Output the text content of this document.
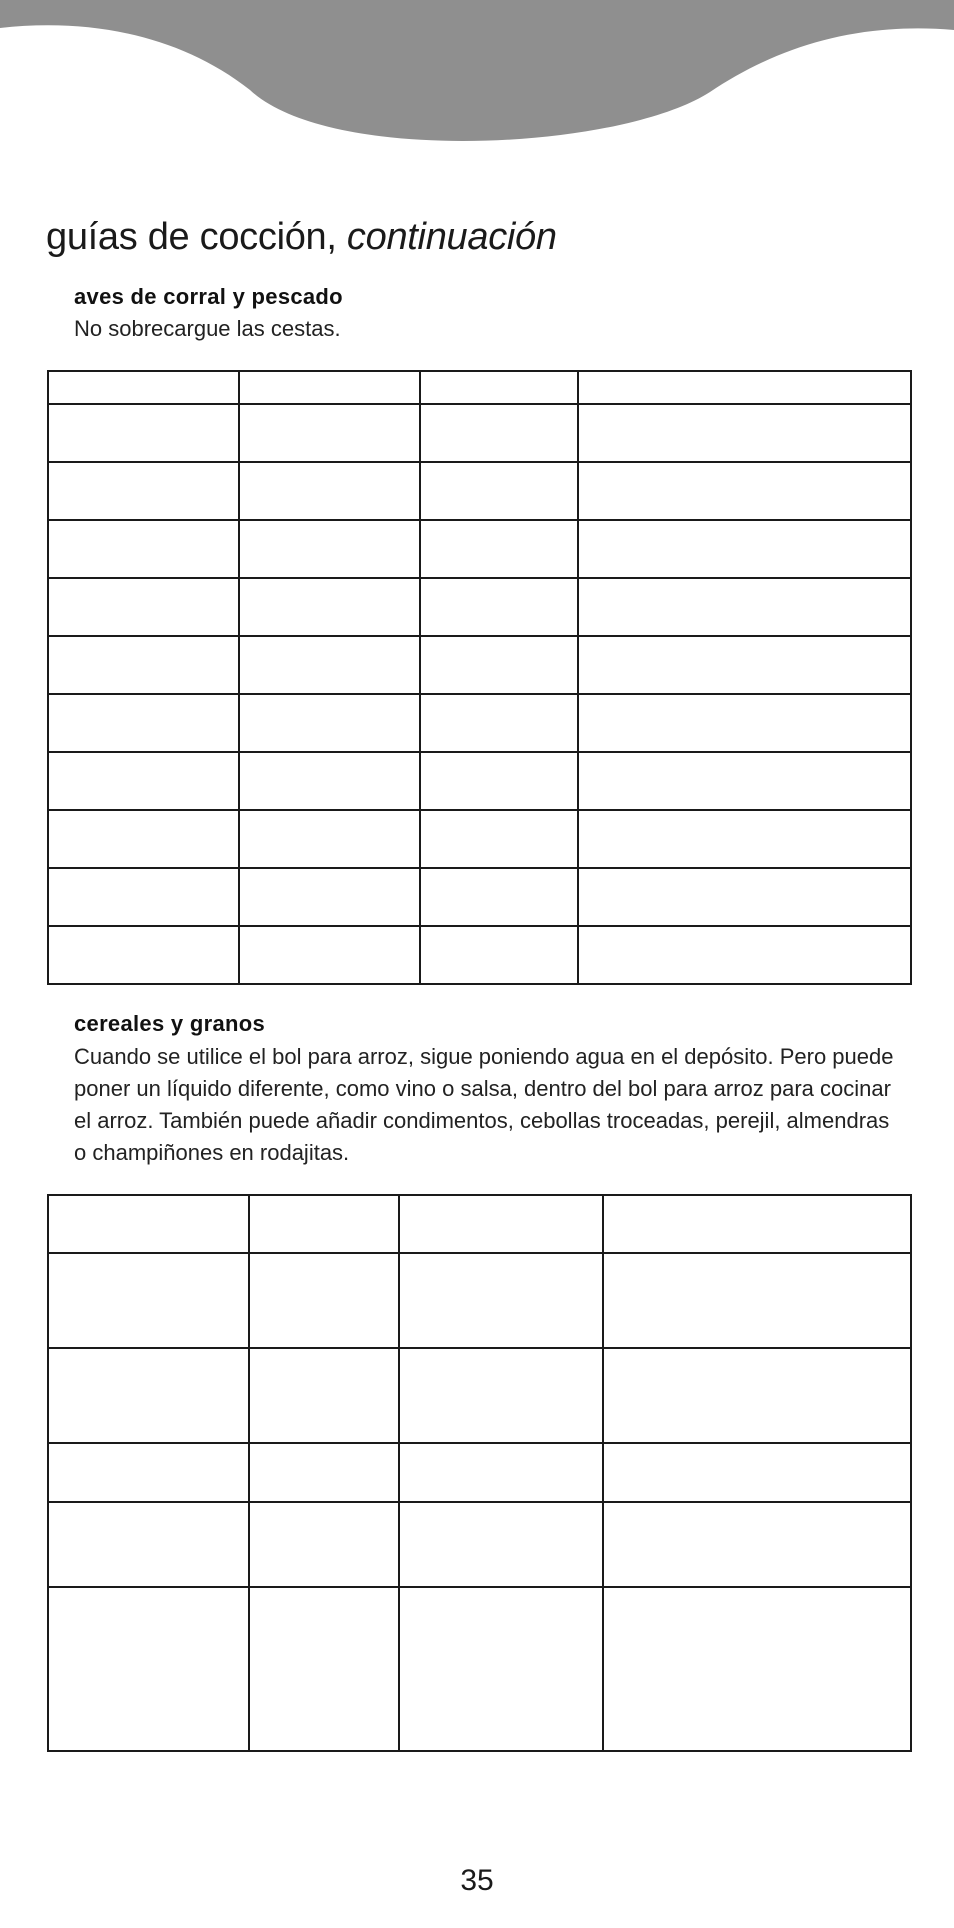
guías de cocción, continuación
aves de corral y pescado

No sobrecargue las cestas.

cereales y granos

Cuando se utilice el bol para arroz, sigue poniendo agua en el depósito. Pero puede poner un líquido diferente, como vino o salsa, dentro del bol para arroz para cocinar el arroz. También puede añadir condimentos, cebollas troceadas, perejil, almendras o champiñones en rodajitas.

35
